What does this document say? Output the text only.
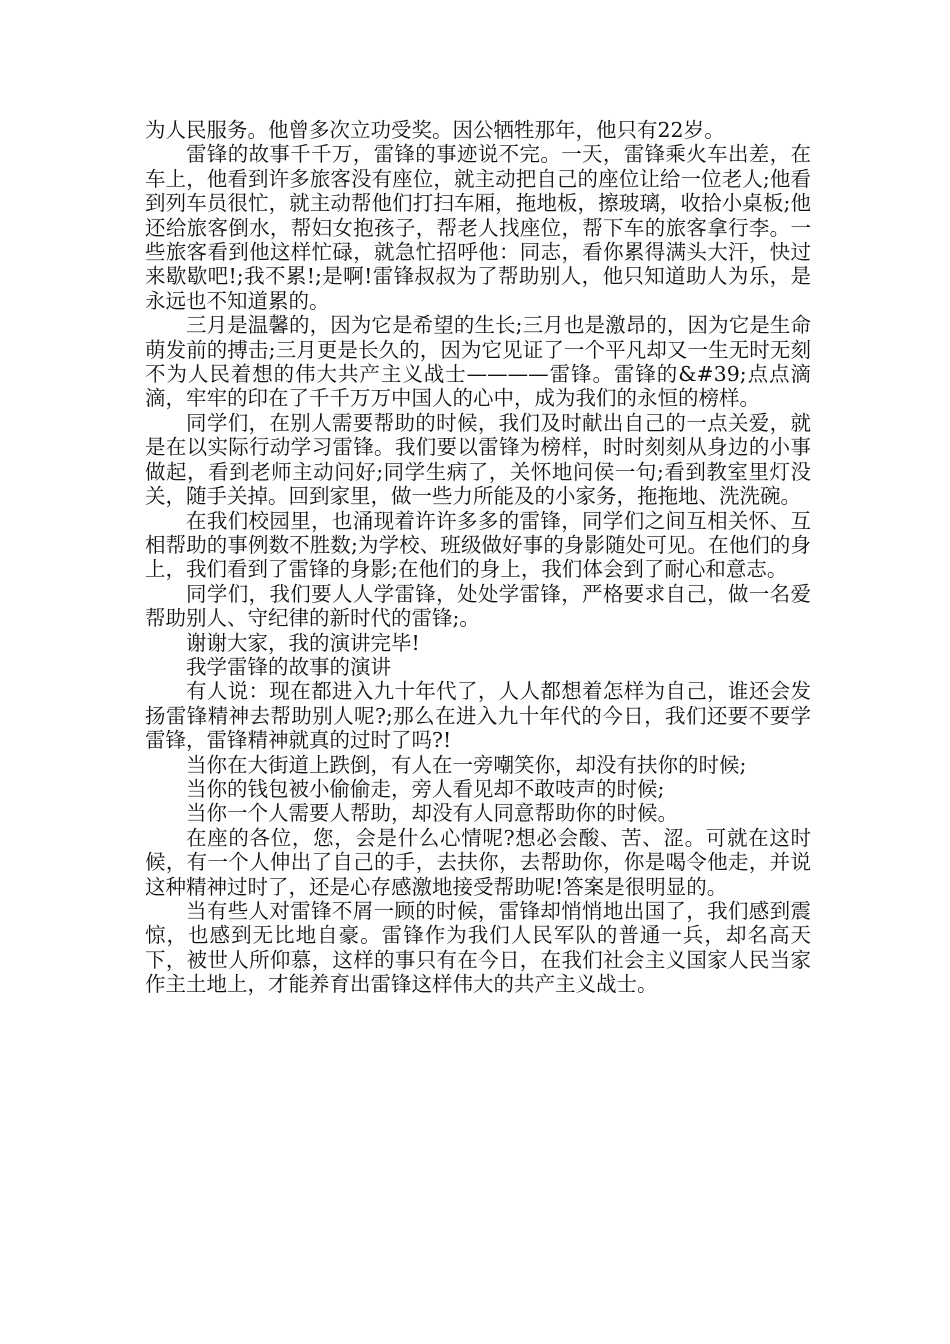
为人民服务。他曾多次立功受奖。因公牺牲那年，他只有22岁。

雷锋的故事千千万，雷锋的事迹说不完。一天，雷锋乘火车出差，在车上，他看到许多旅客没有座位，就主动把自己的座位让给一位老人;他看到列车员很忙，就主动帮他们打扫车厢，拖地板，擦玻璃，收拾小桌板;他还给旅客倒水，帮妇女抱孩子，帮老人找座位，帮下车的旅客拿行李。一些旅客看到他这样忙碌，就急忙招呼他：同志，看你累得满头大汗，快过来歇歇吧!;我不累!;是啊!雷锋叔叔为了帮助别人，他只知道助人为乐，是永远也不知道累的。

三月是温馨的，因为它是希望的生长;三月也是激昂的，因为它是生命萌发前的搏击;三月更是长久的，因为它见证了一个平凡却又一生无时无刻不为人民着想的伟大共产主义战士————雷锋。雷锋的&#39;点点滴滴，牢牢的印在了千千万万中国人的心中，成为我们的永恒的榜样。

同学们，在别人需要帮助的时候，我们及时献出自己的一点关爱，就是在以实际行动学习雷锋。我们要以雷锋为榜样，时时刻刻从身边的小事做起，看到老师主动问好;同学生病了，关怀地问侯一句;看到教室里灯没关，随手关掉。回到家里，做一些力所能及的小家务，拖拖地、洗洗碗。

在我们校园里，也涌现着许许多多的雷锋，同学们之间互相关怀、互相帮助的事例数不胜数;为学校、班级做好事的身影随处可见。在他们的身上，我们看到了雷锋的身影;在他们的身上，我们体会到了耐心和意志。

同学们，我们要人人学雷锋，处处学雷锋，严格要求自己，做一名爱帮助别人、守纪律的新时代的雷锋;。

谢谢大家，我的演讲完毕!

我学雷锋的故事的演讲

有人说：现在都进入九十年代了，人人都想着怎样为自己，谁还会发扬雷锋精神去帮助别人呢?;那么在进入九十年代的今日，我们还要不要学雷锋，雷锋精神就真的过时了吗?!

当你在大街道上跌倒，有人在一旁嘲笑你，却没有扶你的时候;

当你的钱包被小偷偷走，旁人看见却不敢吱声的时候;

当你一个人需要人帮助，却没有人同意帮助你的时候。

在座的各位，您，会是什么心情呢?想必会酸、苦、涩。可就在这时候，有一个人伸出了自己的手，去扶你，去帮助你，你是喝令他走，并说这种精神过时了，还是心存感激地接受帮助呢!答案是很明显的。

当有些人对雷锋不屑一顾的时候，雷锋却悄悄地出国了，我们感到震惊，也感到无比地自豪。雷锋作为我们人民军队的普通一兵，却名高天下，被世人所仰慕，这样的事只有在今日，在我们社会主义国家人民当家作主土地上，才能养育出雷锋这样伟大的共产主义战士。
